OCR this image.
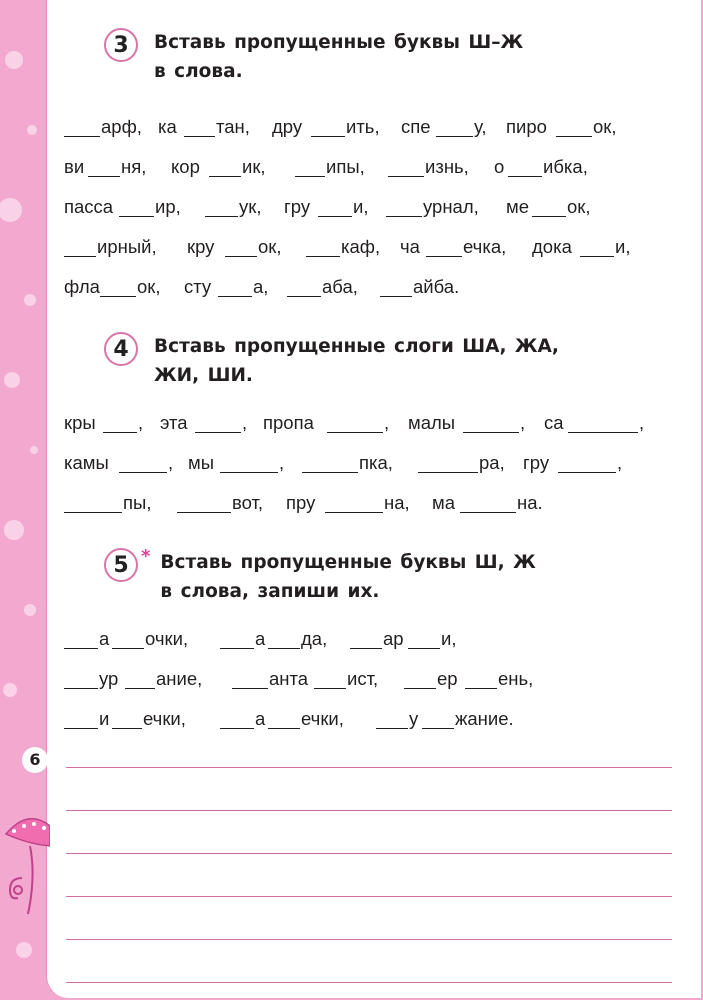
6
3	Вставь пропущенные буквы Ш–Ж
в слова.
арф, ка тан, дру ить, спе у, пиро ок,
ви ня, кор ик,	ипы,	изнь, о ибка,
пасса ир,	ук, гру и,	урнал, ме ок,
ирный, кру ок,	каф, ча ечка, дока и,
фла ок, сту а,	аба,	айба.
4	Вставь пропущенные слоги ША, ЖА,
ЖИ, ШИ.
кры , эта	, пропа	, малы	, са	,
камы	, мы	,	пка,	ра, гру	,
пы,	вот, пру	на, ма	на.
5 * Вставь пропущенные буквы Ш, Ж
в слова, запиши их.
а очки,	а да,	ар и,
ур ание,	анта ист,	ер ень,
и ечки,	а ечки,	у жание.
